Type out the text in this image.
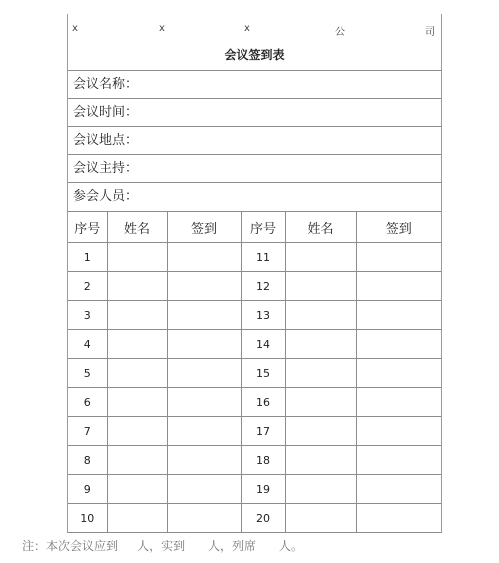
x	x	x	公	司
会议签到表
会议名称：
会议时间：
会议地点：
会议主持：
参会人员：
序号	姓名	签到	序号	姓名	签到
1			11		
2			12		
3			13		
4			14		
5			15		
6			16		
7			17		
8			18		
9			19		
10			20		
注：本次会议应到     人，实到      人，列席      人。
